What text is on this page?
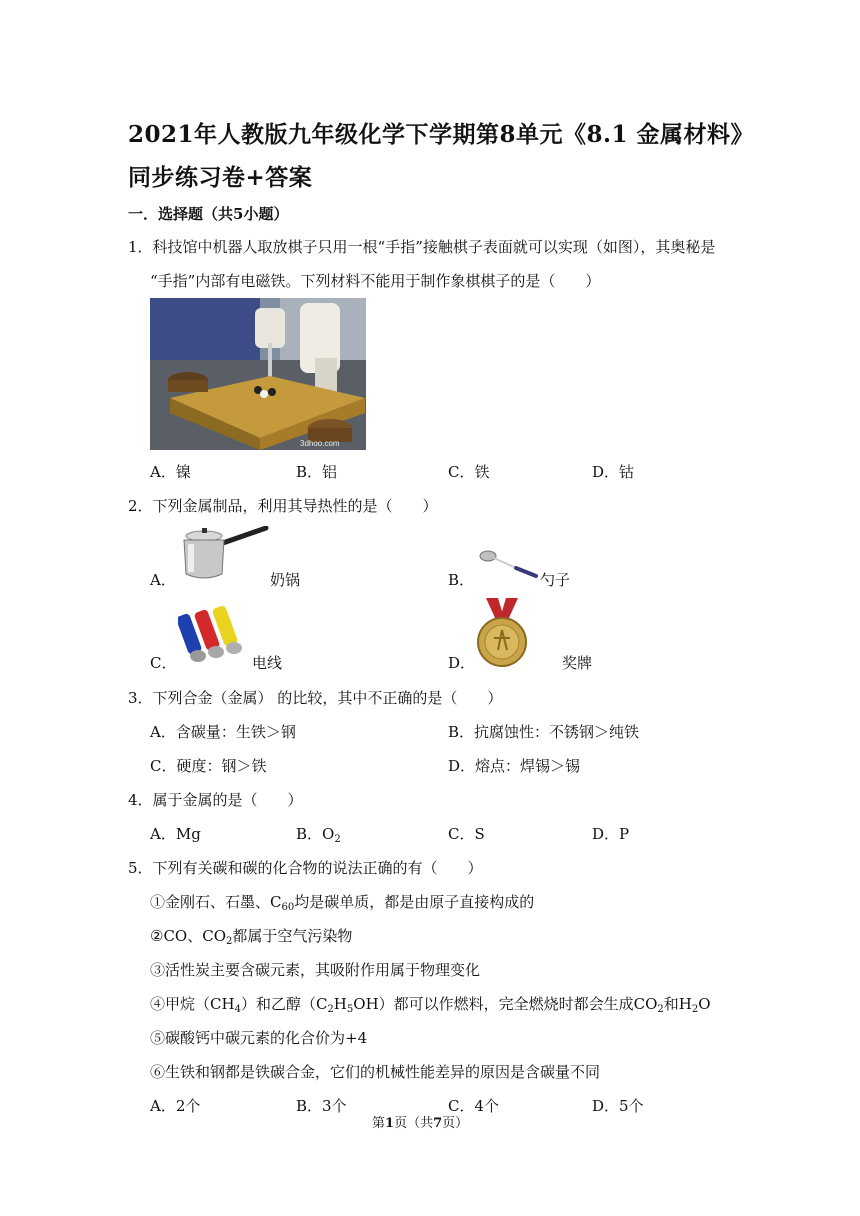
2021年人教版九年级化学下学期第8单元《8.1 金属材料》
同步练习卷+答案
一．选择题（共5小题）
1．科技馆中机器人取放棋子只用一根“手指”接触棋子表面就可以实现（如图），其奥秘是
“手指”内部有电磁铁。下列材料不能用于制作象棋棋子的是（　　）
3dhoo.com
A．镍	B．铝	C．铁	D．钴
2．下列金属制品，利用其导热性的是（　　）
A．	奶锅	B．	勺子
C．	电线	D．	奖牌
3．下列合金（金属） 的比较，其中不正确的是（　　）
A．含碳量：生铁＞钢	B．抗腐蚀性：不锈钢＞纯铁
C．硬度：钢＞铁	D．熔点：焊锡＞锡
4．属于金属的是（　　）
A．Mg	B．$O_2$	C．S	D．P
5．下列有关碳和碳的化合物的说法正确的有（　　）
①金刚石、石墨、$C_{60}$均是碳单质，都是由原子直接构成的
②CO、$CO_2$都属于空气污染物
③活性炭主要含碳元素，其吸附作用属于物理变化
④甲烷$(CH_4)$和乙醇$(C_2H_5OH)$都可以作燃料，完全燃烧时都会生成$CO_2$和$H_2O$
⑤碳酸钙中碳元素的化合价为+4
⑥生铁和钢都是铁碳合金，它们的机械性能差异的原因是含碳量不同
A．2个	B．3个	C．4个	D．5个
第1页（共7页）
